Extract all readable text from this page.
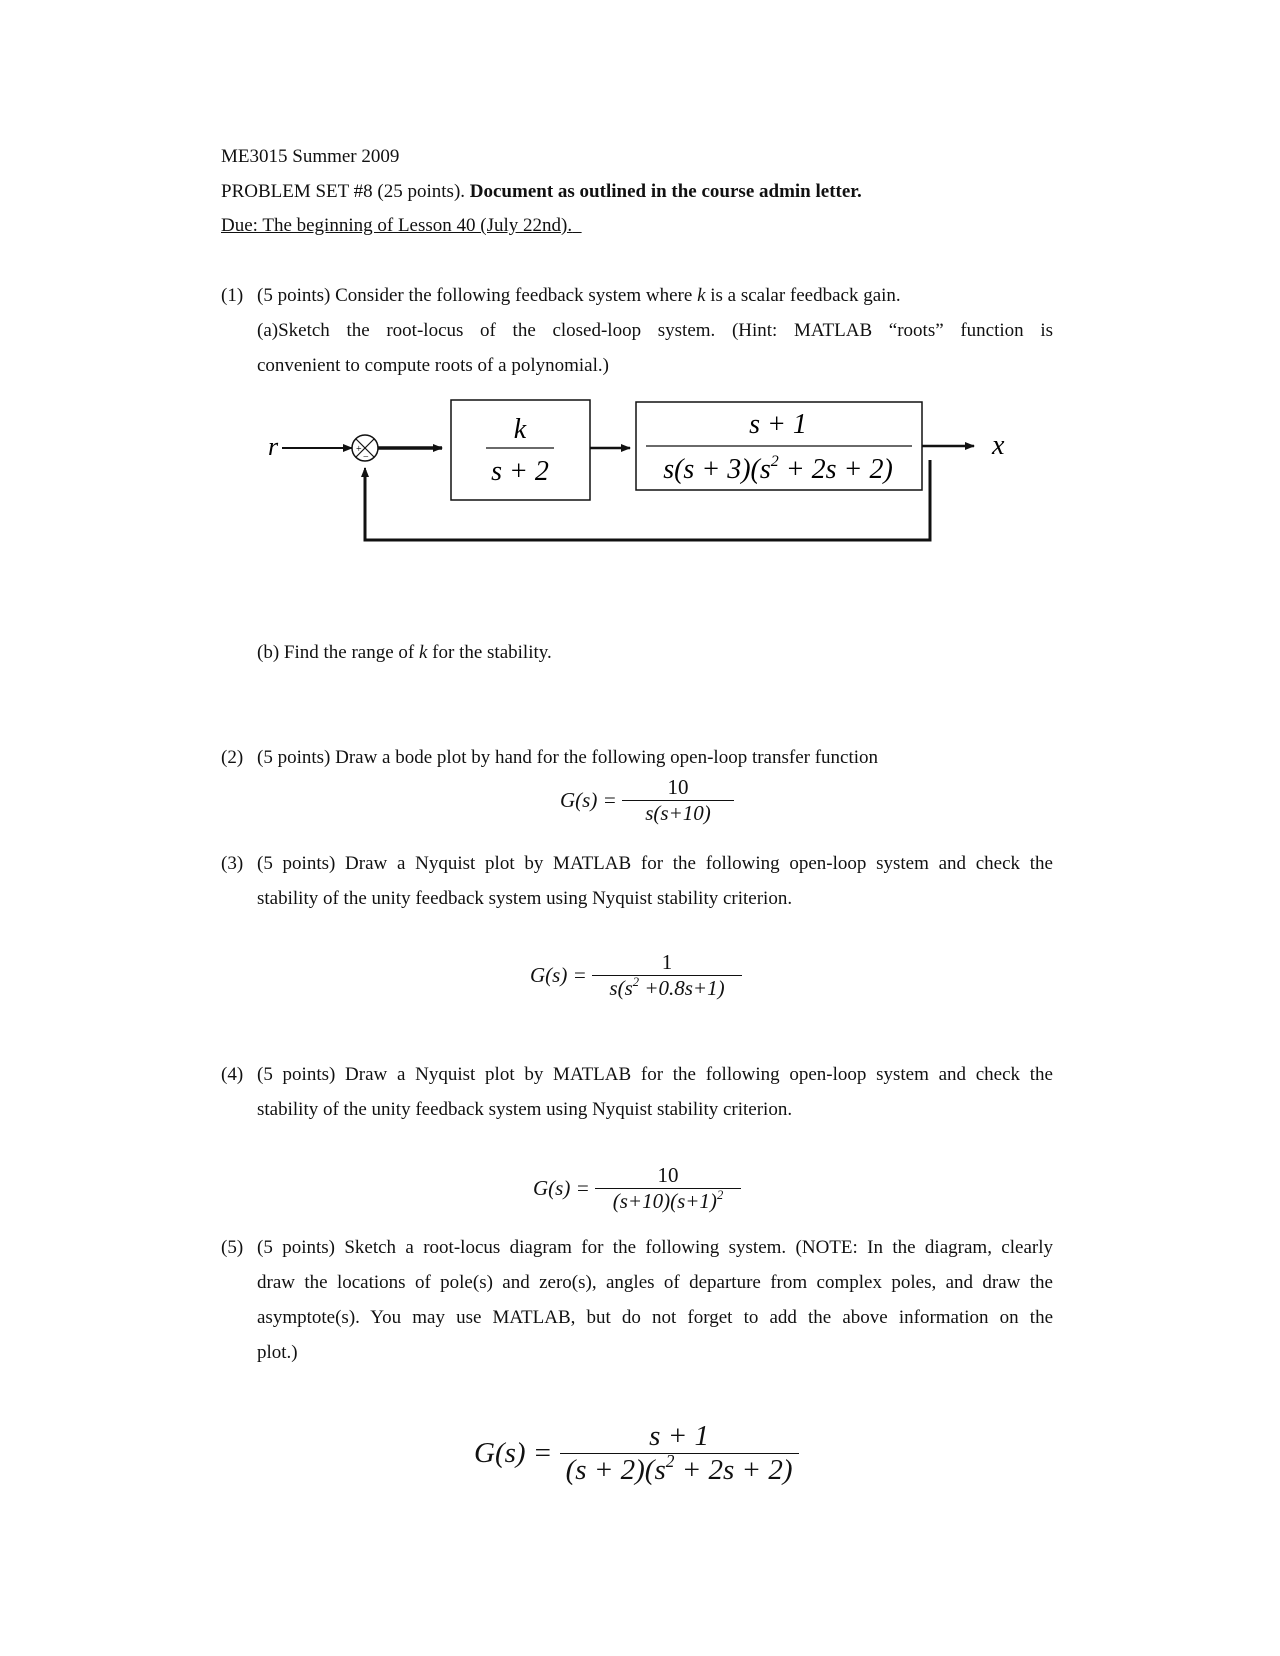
ME3015 Summer 2009
PROBLEM SET #8 (25 points). Document as outlined in the course admin letter.
Due: The beginning of Lesson 40 (July 22nd).
(1) (5 points) Consider the following feedback system where k is a scalar feedback gain.
(a)Sketch the root-locus of the closed-loop system. (Hint: MATLAB “roots” function is
convenient to compute roots of a polynomial.)
r	+
−
k
s + 2
s + 1
$s(s + 3)(s^2 + 2s + 2)$
x
(b) Find the range of k for the stability.
(2) (5 points) Draw a bode plot by hand for the following open-loop transfer function
$G(s) = \frac{10}{s(s+10)}$
(3) (5 points) Draw a Nyquist plot by MATLAB for the following open-loop system and check the
stability of the unity feedback system using Nyquist stability criterion.
$G(s) = \frac{1}{s(s^2 +0.8s+1)}$
(4) (5 points) Draw a Nyquist plot by MATLAB for the following open-loop system and check the
stability of the unity feedback system using Nyquist stability criterion.
$G(s) = \frac{10}{(s+10)(s+1)^2}$
(5) (5 points) Sketch a root-locus diagram for the following system. (NOTE: In the diagram, clearly
draw the locations of pole(s) and zero(s), angles of departure from complex poles, and draw the
asymptote(s). You may use MATLAB, but do not forget to add the above information on the
plot.)
$G(s) = \frac{s + 1}{(s + 2)(s^2 + 2s + 2)}$
